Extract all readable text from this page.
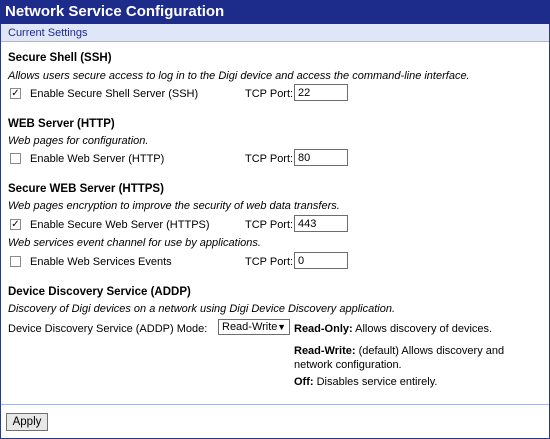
Network Service Configuration
Current Settings
Secure Shell (SSH)
Allows users secure access to log in to the Digi device and access the command-line interface.
✓ Enable Secure Shell Server (SSH)	TCP Port:
22
WEB Server (HTTP)
Web pages for configuration.
Enable Web Server (HTTP)	TCP Port:
80
Secure WEB Server (HTTPS)
Web pages encryption to improve the security of web data transfers.
✓ Enable Secure Web Server (HTTPS)	TCP Port:
443
Web services event channel for use by applications.
Enable Web Services Events	TCP Port:
0
Device Discovery Service (ADDP)
Discovery of Digi devices on a network using Digi Device Discovery application.
Device Discovery Service (ADDP) Mode:	Read-Write ▼ Read-Only: Allows discovery of devices.
Read-Write: (default) Allows discovery and network configuration.
Off: Disables service entirely.
Apply
